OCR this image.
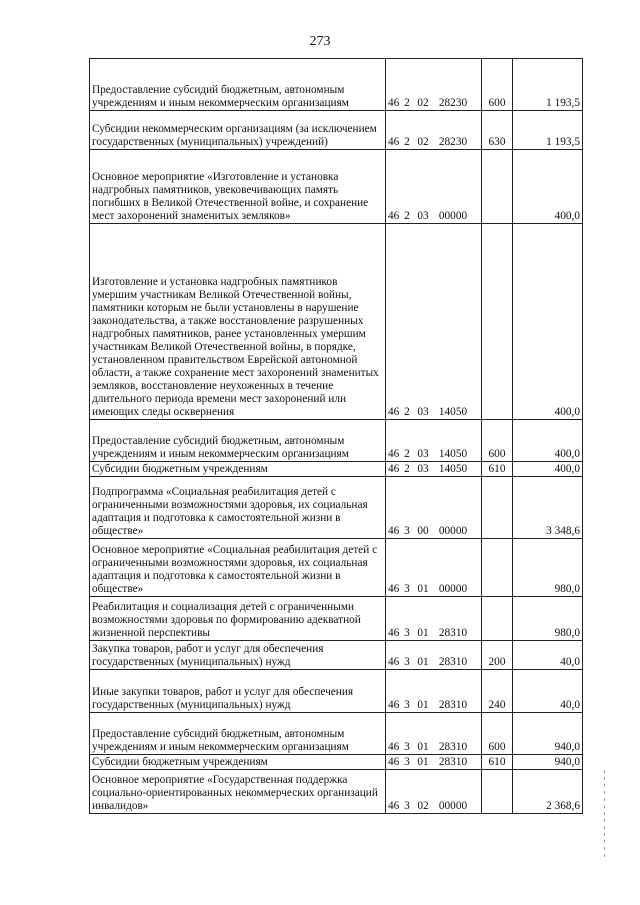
273
Предоставление субсидий бюджетным, автономным учреждениям и иным некоммерческим организациям	46 2 02 28230	600	1 193,5
Субсидии некоммерческим организациям (за исключением государственных (муниципальных) учреждений)	46 2 02 28230	630	1 193,5
Основное мероприятие «Изготовление и установка надгробных памятников, увековечивающих память погибших в Великой Отечественной войне, и сохранение мест захоронений знаменитых земляков»	46 2 03 00000		400,0
Изготовление и установка надгробных памятников умершим участникам Великой Отечественной войны, памятники которым не были установлены в нарушение законодательства, а также восстановление разрушенных надгробных памятников, ранее установленных умершим участникам Великой Отечественной войны, в порядке, установленном правительством Еврейской автономной области, а также сохранение мест захоронений знаменитых земляков, восстановление неухоженных в течение длительного периода времени мест захоронений или имеющих следы осквернения	46 2 03 14050		400,0
Предоставление субсидий бюджетным, автономным учреждениям и иным некоммерческим организациям	46 2 03 14050	600	400,0
Субсидии бюджетным учреждениям	46 2 03 14050	610	400,0
Подпрограмма «Социальная реабилитация детей с ограниченными возможностями здоровья, их социальная адаптация и подготовка к самостоятельной жизни в обществе»	46 3 00 00000		3 348,6
Основное мероприятие «Социальная реабилитация детей с ограниченными возможностями здоровья, их социальная адаптация и подготовка к самостоятельной жизни в обществе»	46 3 01 00000		980,0
Реабилитация и социализация детей с ограниченными возможностями здоровья по формированию адекватной жизненной перспективы	46 3 01 28310		980,0
Закупка товаров, работ и услуг для обеспечения государственных (муниципальных) нужд	46 3 01 28310	200	40,0
Иные закупки товаров, работ и услуг для обеспечения государственных (муниципальных) нужд	46 3 01 28310	240	40,0
Предоставление субсидий бюджетным, автономным учреждениям и иным некоммерческим организациям	46 3 01 28310	600	940,0
Субсидии бюджетным учреждениям	46 3 01 28310	610	940,0
Основное мероприятие «Государственная поддержка социально-ориентированных некоммерческих организаций инвалидов»	46 3 02 00000		2 368,6
